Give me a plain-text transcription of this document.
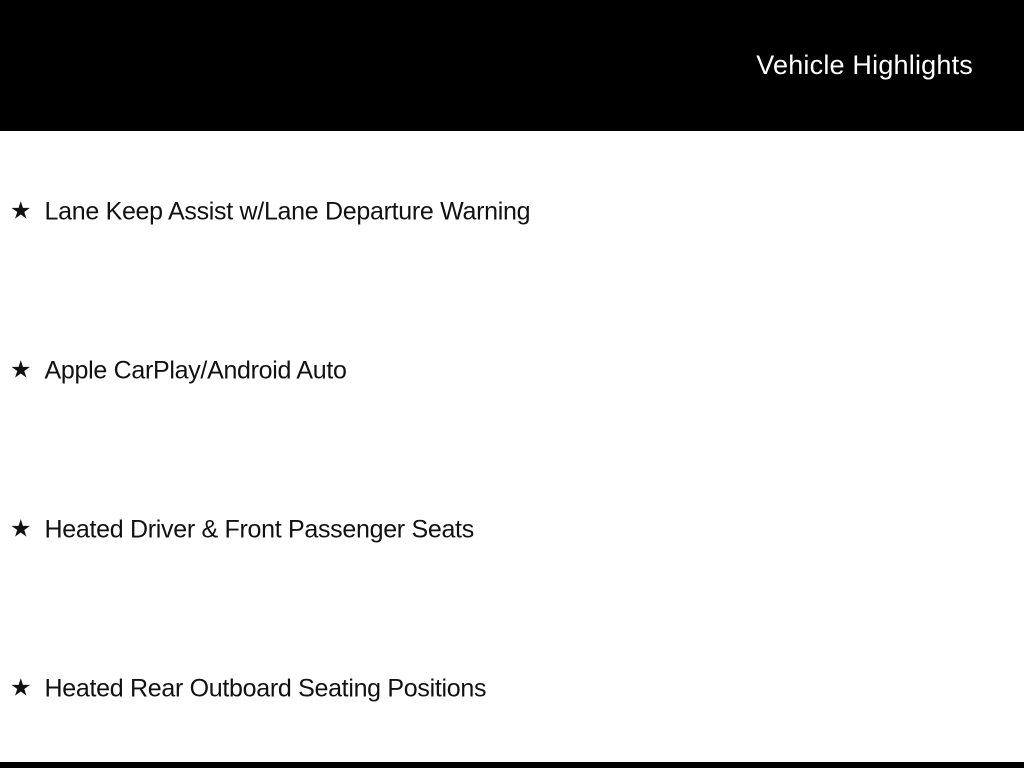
Vehicle Highlights
★ Lane Keep Assist w/Lane Departure Warning
★ Apple CarPlay/Android Auto
★ Heated Driver & Front Passenger Seats
★ Heated Rear Outboard Seating Positions
